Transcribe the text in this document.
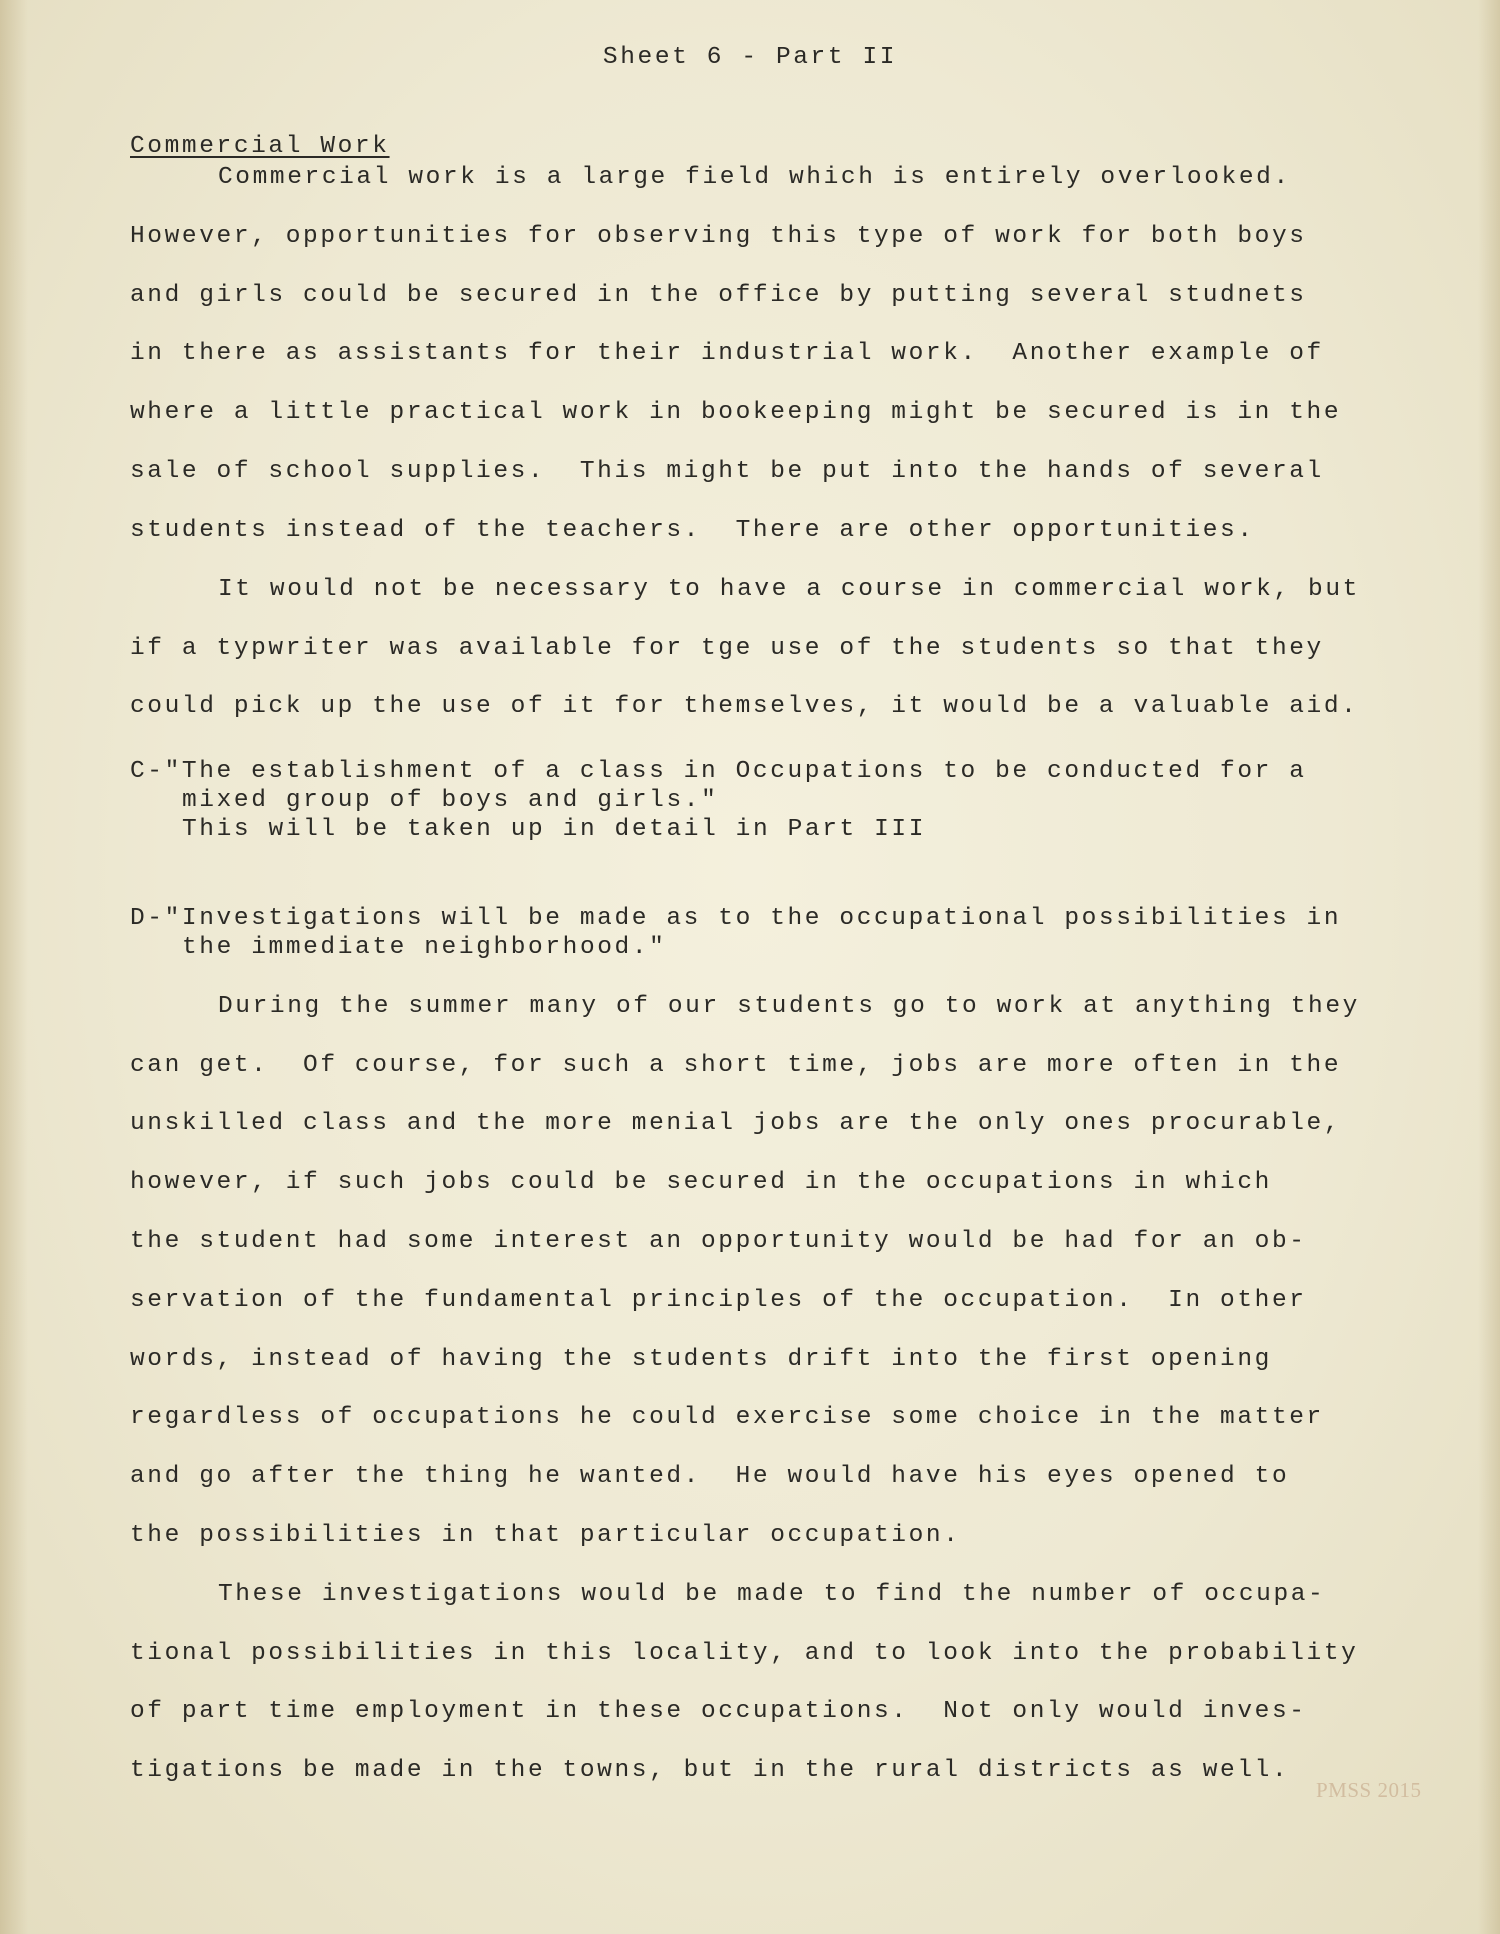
Sheet 6 - Part II
Commercial Work
Commercial work is a large field which is entirely overlooked.
However, opportunities for observing this type of work for both boys
and girls could be secured in the office by putting several studnets
in there as assistants for their industrial work.  Another example of
where a little practical work in bookeeping might be secured is in the
sale of school supplies.  This might be put into the hands of several
students instead of the teachers.  There are other opportunities.
It would not be necessary to have a course in commercial work, but
if a typwriter was available for tge use of the students so that they
could pick up the use of it for themselves, it would be a valuable aid.
C-"The establishment of a class in Occupations to be conducted for a
mixed group of boys and girls."
This will be taken up in detail in Part III
D-"Investigations will be made as to the occupational possibilities in
the immediate neighborhood."
During the summer many of our students go to work at anything they
can get.  Of course, for such a short time, jobs are more often in the
unskilled class and the more menial jobs are the only ones procurable,
however, if such jobs could be secured in the occupations in which
the student had some interest an opportunity would be had for an ob-
servation of the fundamental principles of the occupation.  In other
words, instead of having the students drift into the first opening
regardless of occupations he could exercise some choice in the matter
and go after the thing he wanted.  He would have his eyes opened to
the possibilities in that particular occupation.
These investigations would be made to find the number of occupa-
tional possibilities in this locality, and to look into the probability
of part time employment in these occupations.  Not only would inves-
tigations be made in the towns, but in the rural districts as well.
PMSS 2015
